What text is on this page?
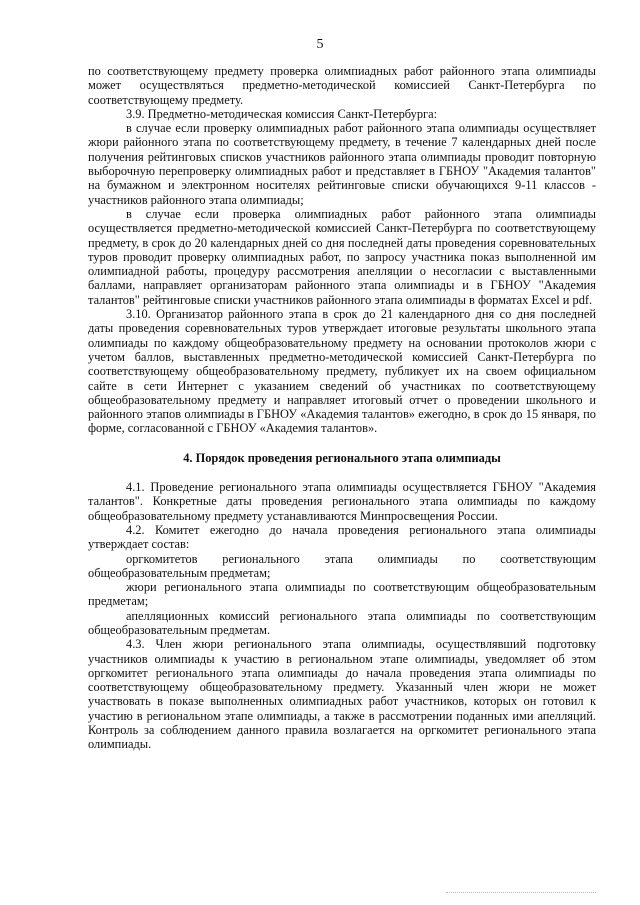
5

по соответствующему предмету проверка олимпиадных работ районного этапа олимпиады может осуществляться предметно-методической комиссией Санкт-Петербурга по соответствующему предмету.

3.9. Предметно-методическая комиссия Санкт-Петербурга:

в случае если проверку олимпиадных работ районного этапа олимпиады осуществляет жюри районного этапа по соответствующему предмету, в течение 7 календарных дней после получения рейтинговых списков участников районного этапа олимпиады проводит повторную выборочную перепроверку олимпиадных работ и представляет в ГБНОУ "Академия талантов" на бумажном и электронном носителях рейтинговые списки обучающихся 9-11 классов - участников районного этапа олимпиады;

в случае если проверка олимпиадных работ районного этапа олимпиады осуществляется предметно-методической комиссией Санкт-Петербурга по соответствующему предмету, в срок до 20 календарных дней со дня последней даты проведения соревновательных туров проводит проверку олимпиадных работ, по запросу участника показ выполненной им олимпиадной работы, процедуру рассмотрения апелляции о несогласии с выставленными баллами, направляет организаторам районного этапа олимпиады и в ГБНОУ "Академия талантов" рейтинговые списки участников районного этапа олимпиады в форматах Excel и pdf.

3.10. Организатор районного этапа в срок до 21 календарного дня со дня последней даты проведения соревновательных туров утверждает итоговые результаты школьного этапа олимпиады по каждому общеобразовательному предмету на основании протоколов жюри с учетом баллов, выставленных предметно-методической комиссией Санкт-Петербурга по соответствующему общеобразовательному предмету, публикует их на своем официальном сайте в сети Интернет с указанием сведений об участниках по соответствующему общеобразовательному предмету и направляет итоговый отчет о проведении школьного и районного этапов олимпиады в ГБНОУ «Академия талантов» ежегодно, в срок до 15 января, по форме, согласованной с ГБНОУ «Академия талантов».

4. Порядок проведения регионального этапа олимпиады

4.1. Проведение регионального этапа олимпиады осуществляется ГБНОУ "Академия талантов". Конкретные даты проведения регионального этапа олимпиады по каждому общеобразовательному предмету устанавливаются Минпросвещения России.

4.2. Комитет ежегодно до начала проведения регионального этапа олимпиады утверждает состав:

оргкомитетов регионального этапа олимпиады по соответствующим общеобразовательным предметам;

жюри регионального этапа олимпиады по соответствующим общеобразовательным предметам;

апелляционных комиссий регионального этапа олимпиады по соответствующим общеобразовательным предметам.

4.3. Член жюри регионального этапа олимпиады, осуществлявший подготовку участников олимпиады к участию в региональном этапе олимпиады, уведомляет об этом оргкомитет регионального этапа олимпиады до начала проведения этапа олимпиады по соответствующему общеобразовательному предмету. Указанный член жюри не может участвовать в показе выполненных олимпиадных работ участников, которых он готовил к участию в региональном этапе олимпиады, а также в рассмотрении поданных ими апелляций. Контроль за соблюдением данного правила возлагается на оргкомитет регионального этапа олимпиады.
